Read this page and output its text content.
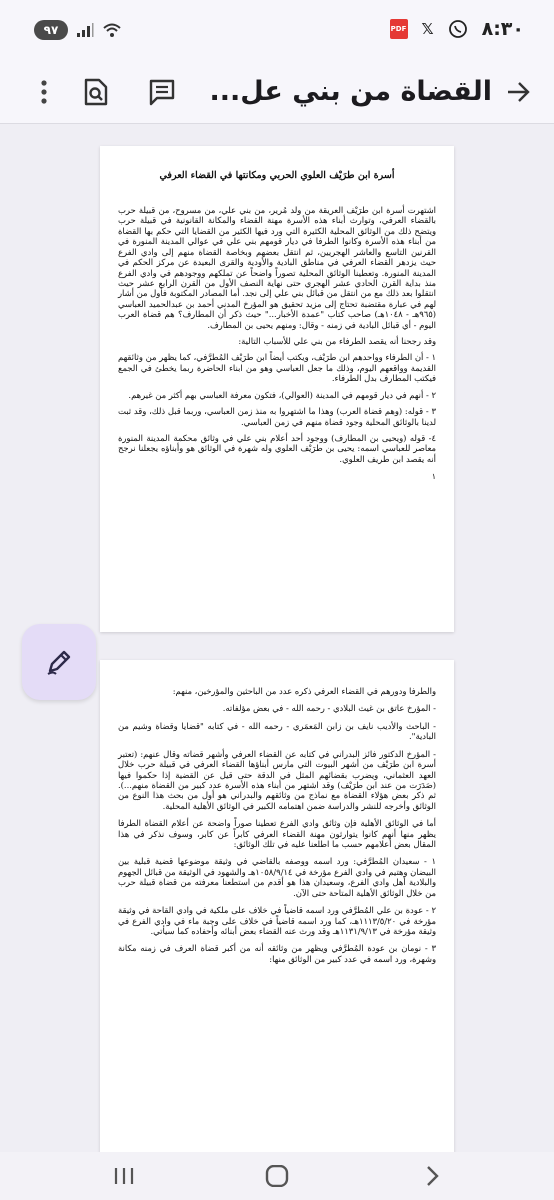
٩٧	PDF 𝕏	٨:٣٠
القضاة من بني عل...
أسرة ابن طرَيْف العلوي الحربي ومكانتها في القضاء العرفي

اشتهرت أسرة ابن طرَيْف العريقة من ولد مُرير، من بني علي، من مسروح، من قبيلة حرب بالقضاء العرفي، وتوارث أبناء هذه الأسرة مهنة القضاء والمكانة القانونية في قبيلة حرب ويتضح ذلك من الوثائق المحلية الكثيرة التي ورد فيها الكثير من القضايا التي حكم بها القضاة من أبناء هذه الأسرة وكانوا الطرفا في ديار قومهم بني علي في عوالي المدينة المنورة في القرنين التاسع والعاشر الهجريين، ثم انتقل بعضهم وبخاصة القضاة منهم إلى وادي الفرع حيث يزدهر القضاء العرفي في مناطق البادية والأودية والقرى البعيدة عن مركز الحكم في المدينة المنورة. وتعطينا الوثائق المحلية تصوراً واضحاً عن تملكهم ووجودهم في وادي الفرع منذ بداية القرن الحادي عشر الهجري حتى نهاية النصف الأول من القرن الرابع عشر حيث انتقلوا بعد ذلك مع من انتقل من قبائل بني علي إلى نجد. أما المصادر المكتوبة فأول من أشار لهم في عبارة مقتضبة تحتاج إلى مزيد تحقيق هو المؤرخ المدني أحمد بن عبدالحميد العباسي (٩٦٥هـ - ١٠٤٨هـ) صاحب كتاب "عمدة الأخبار..." حيث ذكر أن المطارف؟ هم قضاة العرب اليوم - أي قبائل البادية في زمنه - وقال: ومنهم يحيى بن المطارف.

وقد رجحنا أنه يقصد الطرفاء من بني علي للأسباب التالية:

١ - أن الطرفاء وواحدهم ابن طرَيْف، ويكتب أيضاً ابن طرَيْف المُطرَّفي، كما يظهر من وثائقهم القديمة وواقعهم اليوم، وذلك ما جعل العباسي وهو من ابناء الحاضرة ربما يخطئ في الجمع فيكتب المطارف بدل الطرفاء.

٢ - أنهم في ديار قومهم في المدينة (العوالي)، فتكون معرفة العباسي بهم أكثر من غيرهم.

٣ - قوله: (وهم قضاة العرب) وهذا ما اشتهروا به منذ زمن العباسي، وربما قبل ذلك، وقد ثبت لدينا بالوثائق المحلية وجود قضاة منهم في زمن العباسي.

٤- قوله (ويحيى بن المطارف) ووجود أحد أعلام بني علي في وثائق محكمة المدينة المنورة معاصر للعباسي اسمه: يحيى بن طرَيْف العلوي وله شهرة في الوثائق هو وأبناؤه يجعلنا نرجح أنه يقصد ابن طريف العلوي.

١

والطرفا ودورهم في القضاء العرفي ذكره عدد من الباحثين والمؤرخين، منهم:

- المؤرخ عاتق بن غيث البلادي - رحمه الله - في بعض مؤلفاته.

- الباحث والأديب نايف بن زابن المَعمَري - رحمه الله - في كتابه "قضايا وقضاة وشيم من البادية".

- المؤرخ الدكتور فائز البدراني في كتابه عن القضاء العرفي وأشهر قضاته وقال عنهم: (تعتبر أسرة ابن طرَيْف من أشهر البيوت التي مارس أبناؤها القضاء العرفي في قبيلة حرب خلال العهد العثماني، ويضرب بقضائهم المثل في الدقة حتى قيل عن القضية إذا حكموا فيها (صَدَرَت من عند ابن طرَيْف) وقد اشتهر من أبناء هذه الأسرة عدد كبير من القضاة منهم...). ثم ذكر بعض هؤلاء القضاة مع نماذج من وثائقهم والبدراني هو أول من بحث هذا النوع من الوثائق وأخرجه للنشر والدراسة ضمن اهتمامه الكبير في الوثائق الأهلية المحلية.

أما في الوثائق الأهلية فإن وثائق وادي الفرع تعطينا صوراً واضحة عن أعلام القضاة الطرفا يظهر منها أنهم كانوا يتوارثون مهنة القضاء العرفي كابراً عن كابر، وسوف نذكر في هذا المقال بعض أعلامهم حسب ما اطلعنا عليه في تلك الوثائق:

١ - سعيدان المُطرَّفي: ورد اسمه ووصفه بالقاضي في وثيقة موضوعها قضية قبلية بين البيضان وهتيم في وادي الفرع مؤرخة في ١٠٥٨/٩/١٤هـ والشهود في الوثيقة من قبائل الجهوم والبلادية أهل وادي الفرع، وسعيدان هذا هو أقدم من استطعنا معرفته من قضاة قبيلة حرب من خلال الوثائق الأهلية المتاحة حتى الآن.

٢ - عودة بن علي المُطرَّفي ورد اسمه قاضياً في خلاف على ملكية في وادي القاحة في وثيقة مؤرخة في ١١١٣/٥/٢٠هـ، كما ورد اسمه قاضياً في خلاف على وجبة ماء في وادي الفرع في وثيقة مؤرخة في ١١٣١/٩/١٣هـ وقد ورث عنه القضاء بعض أبنائه وأحفاده كما سيأتي.

٣ - نومان بن عودة المُطرَّفي ويظهر من وثائقه أنه من أكبر قضاة العرف في زمنه مكانة وشهرة، ورد اسمه في عدد كبير من الوثائق منها:
